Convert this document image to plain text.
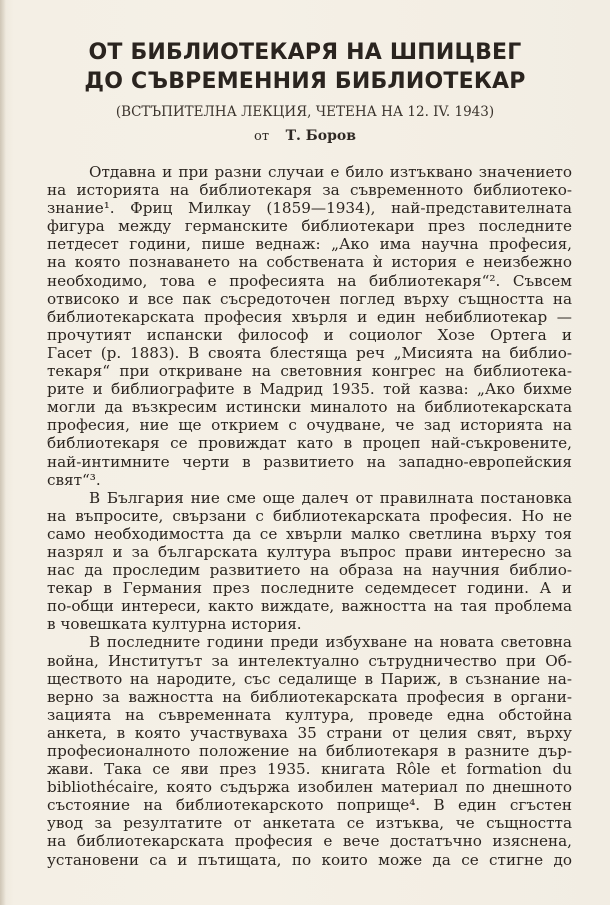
ОТ БИБЛИОТЕКАРЯ НА ШПИЦВЕГ
ДО СЪВРЕМЕННИЯ БИБЛИОТЕКАР
(ВСТЪПИТЕЛНА ЛЕКЦИЯ, ЧЕТЕНА НА 12. IV. 1943)
от Т. Боров
Отдавна и при разни случаи е било изтъквано значението
на историята на библиотекаря за съвременното библиотеко-
знание¹. Фриц Милкау (1859—1934), най-представителната
фигура между германските библиотекари през последните
петдесет години, пише веднаж: „Ако има научна професия,
на която познаването на собствената ѝ история е неизбежно
необходимо, това е професията на библиотекаря“². Съвсем
отвисоко и все пак съсредоточен поглед върху същността на
библиотекарската професия хвърля и един небиблиотекар —
прочутият испански философ и социолог Хозе Ортега и
Гасет (р. 1883). В своята блестяща реч „Мисията на библио-
текаря“ при откриване на световния конгрес на библиотека-
рите и библиографите в Мадрид 1935. той казва: „Ако бихме
могли да възкресим истински миналото на библиотекарската
професия, ние ще открием с очудване, че зад историята на
библиотекаря се провиждат като в процеп най-съкровените,
най-интимните черти в развитието на западно-европейския
свят“³.
В България ние сме още далеч от правилната постановка
на въпросите, свързани с библиотекарската професия. Но не
само необходимостта да се хвърли малко светлина върху тоя
назрял и за българската култура въпрос прави интересно за
нас да проследим развитието на образа на научния библио-
текар в Германия през последните седемдесет години. А и
по-общи интереси, както виждате, важността на тая проблема
в човешката културна история.
В последните години преди избухване на новата световна
война, Институтът за интелектуално сътрудничество при Об-
ществото на народите, със седалище в Париж, в съзнание на-
верно за важността на библиотекарската професия в органи-
зацията на съвременната култура, проведе една обстойна
анкета, в която участвуваха 35 страни от целия свят, върху
професионалното положение на библиотекаря в разните дър-
жави. Така се яви през 1935. книгата Rôle et formation du
bibliothécaire, която съдържа изобилен материал по днешното
състояние на библиотекарското поприще⁴. В един сгъстен
увод за резултатите от анкетата се изтъква, че същността
на библиотекарската професия е вече достатъчно изяснена,
установени са и пътищата, по които може да се стигне до
